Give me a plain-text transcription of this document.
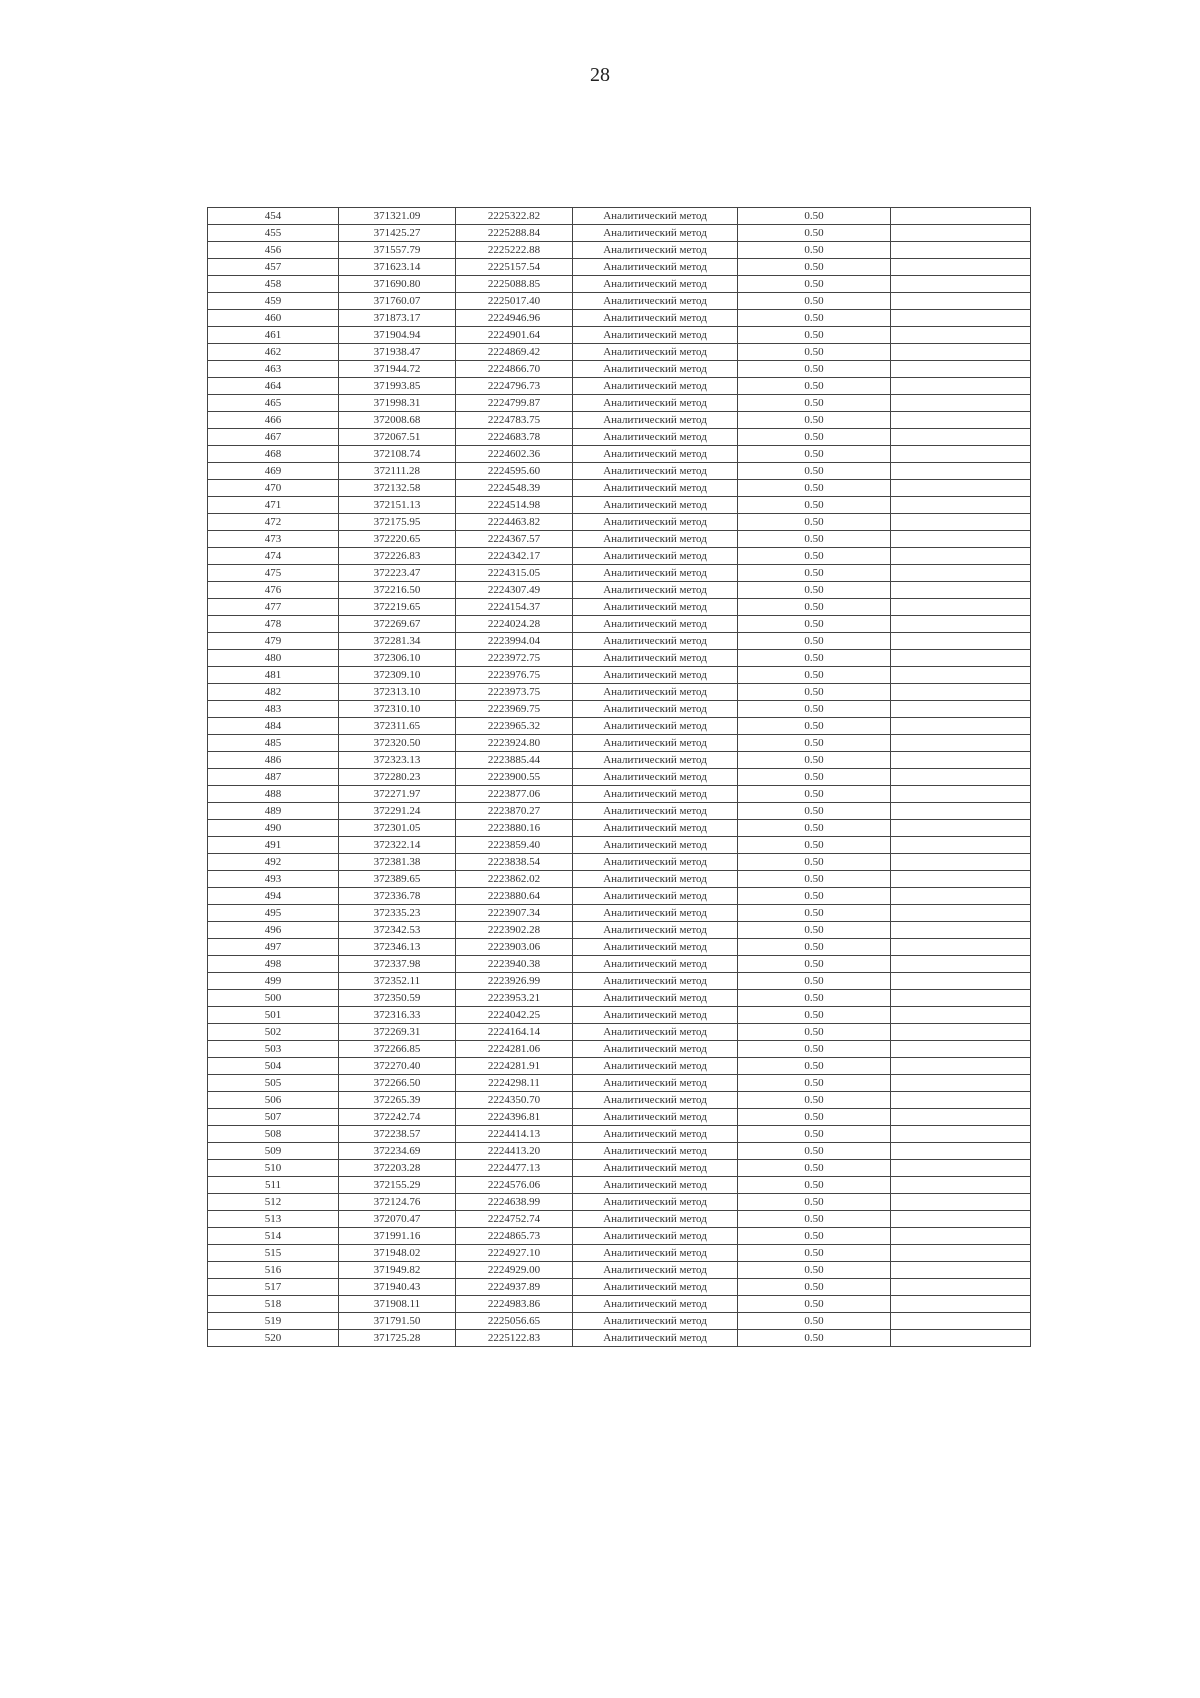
28
454	371321.09	2225322.82	Аналитический метод	0.50	
455	371425.27	2225288.84	Аналитический метод	0.50	
456	371557.79	2225222.88	Аналитический метод	0.50	
457	371623.14	2225157.54	Аналитический метод	0.50	
458	371690.80	2225088.85	Аналитический метод	0.50	
459	371760.07	2225017.40	Аналитический метод	0.50	
460	371873.17	2224946.96	Аналитический метод	0.50	
461	371904.94	2224901.64	Аналитический метод	0.50	
462	371938.47	2224869.42	Аналитический метод	0.50	
463	371944.72	2224866.70	Аналитический метод	0.50	
464	371993.85	2224796.73	Аналитический метод	0.50	
465	371998.31	2224799.87	Аналитический метод	0.50	
466	372008.68	2224783.75	Аналитический метод	0.50	
467	372067.51	2224683.78	Аналитический метод	0.50	
468	372108.74	2224602.36	Аналитический метод	0.50	
469	372111.28	2224595.60	Аналитический метод	0.50	
470	372132.58	2224548.39	Аналитический метод	0.50	
471	372151.13	2224514.98	Аналитический метод	0.50	
472	372175.95	2224463.82	Аналитический метод	0.50	
473	372220.65	2224367.57	Аналитический метод	0.50	
474	372226.83	2224342.17	Аналитический метод	0.50	
475	372223.47	2224315.05	Аналитический метод	0.50	
476	372216.50	2224307.49	Аналитический метод	0.50	
477	372219.65	2224154.37	Аналитический метод	0.50	
478	372269.67	2224024.28	Аналитический метод	0.50	
479	372281.34	2223994.04	Аналитический метод	0.50	
480	372306.10	2223972.75	Аналитический метод	0.50	
481	372309.10	2223976.75	Аналитический метод	0.50	
482	372313.10	2223973.75	Аналитический метод	0.50	
483	372310.10	2223969.75	Аналитический метод	0.50	
484	372311.65	2223965.32	Аналитический метод	0.50	
485	372320.50	2223924.80	Аналитический метод	0.50	
486	372323.13	2223885.44	Аналитический метод	0.50	
487	372280.23	2223900.55	Аналитический метод	0.50	
488	372271.97	2223877.06	Аналитический метод	0.50	
489	372291.24	2223870.27	Аналитический метод	0.50	
490	372301.05	2223880.16	Аналитический метод	0.50	
491	372322.14	2223859.40	Аналитический метод	0.50	
492	372381.38	2223838.54	Аналитический метод	0.50	
493	372389.65	2223862.02	Аналитический метод	0.50	
494	372336.78	2223880.64	Аналитический метод	0.50	
495	372335.23	2223907.34	Аналитический метод	0.50	
496	372342.53	2223902.28	Аналитический метод	0.50	
497	372346.13	2223903.06	Аналитический метод	0.50	
498	372337.98	2223940.38	Аналитический метод	0.50	
499	372352.11	2223926.99	Аналитический метод	0.50	
500	372350.59	2223953.21	Аналитический метод	0.50	
501	372316.33	2224042.25	Аналитический метод	0.50	
502	372269.31	2224164.14	Аналитический метод	0.50	
503	372266.85	2224281.06	Аналитический метод	0.50	
504	372270.40	2224281.91	Аналитический метод	0.50	
505	372266.50	2224298.11	Аналитический метод	0.50	
506	372265.39	2224350.70	Аналитический метод	0.50	
507	372242.74	2224396.81	Аналитический метод	0.50	
508	372238.57	2224414.13	Аналитический метод	0.50	
509	372234.69	2224413.20	Аналитический метод	0.50	
510	372203.28	2224477.13	Аналитический метод	0.50	
511	372155.29	2224576.06	Аналитический метод	0.50	
512	372124.76	2224638.99	Аналитический метод	0.50	
513	372070.47	2224752.74	Аналитический метод	0.50	
514	371991.16	2224865.73	Аналитический метод	0.50	
515	371948.02	2224927.10	Аналитический метод	0.50	
516	371949.82	2224929.00	Аналитический метод	0.50	
517	371940.43	2224937.89	Аналитический метод	0.50	
518	371908.11	2224983.86	Аналитический метод	0.50	
519	371791.50	2225056.65	Аналитический метод	0.50	
520	371725.28	2225122.83	Аналитический метод	0.50	
